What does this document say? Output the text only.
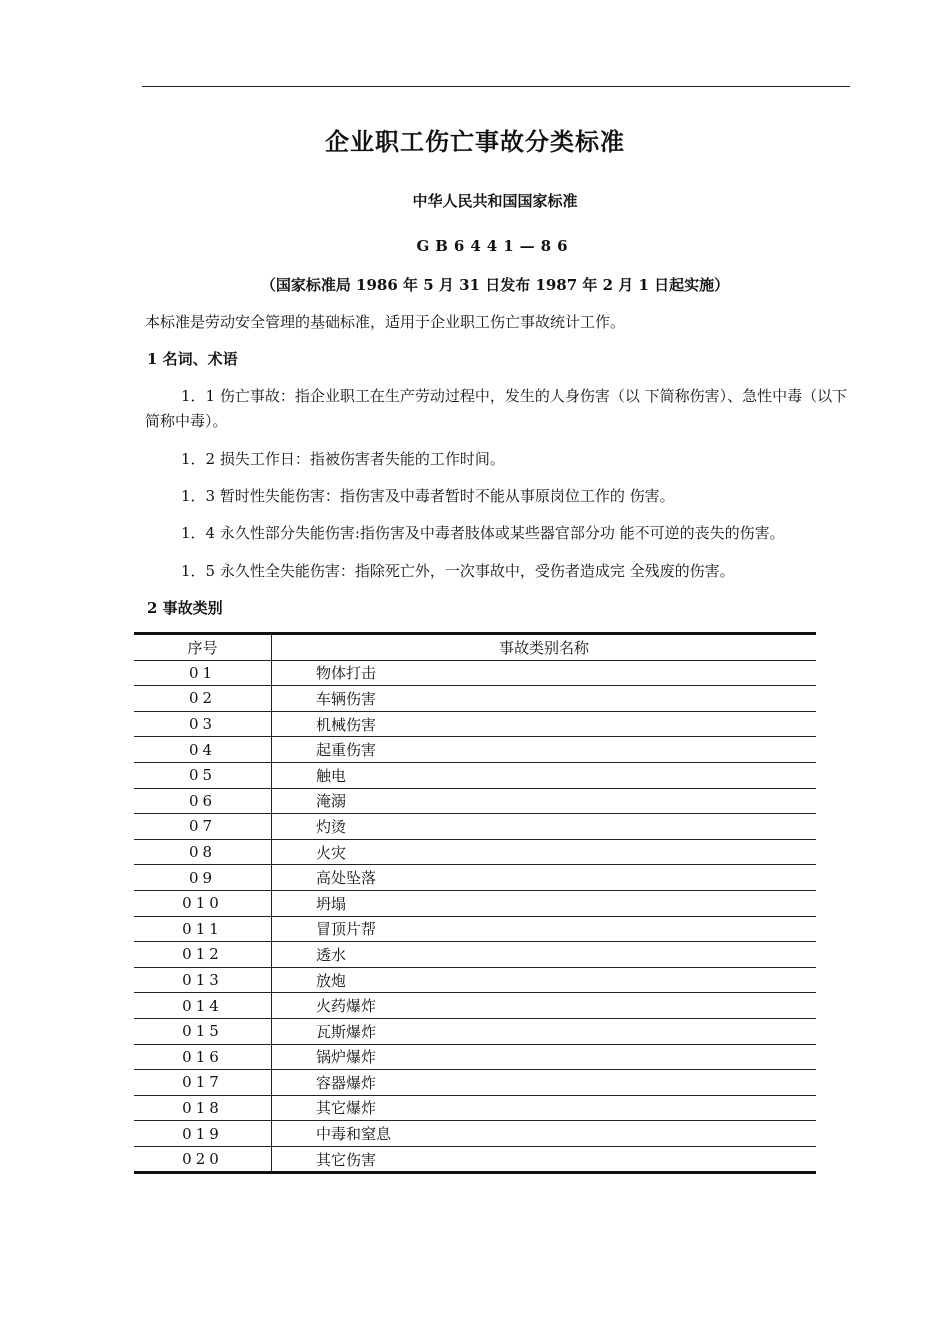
企业职工伤亡事故分类标准
中华人民共和国国家标准
GB6441—86
（国家标准局 1986 年 5 月 31 日发布 1987 年 2 月 1 日起实施）
本标准是劳动安全管理的基础标准，适用于企业职工伤亡事故统计工作。
1 名词、术语
1．1 伤亡事故：指企业职工在生产劳动过程中，发生的人身伤害（以 下简称伤害）、急性中毒（以下简称中毒）。
1．2 损失工作日：指被伤害者失能的工作时间。
1．3 暂时性失能伤害：指伤害及中毒者暂时不能从事原岗位工作的 伤害。
1．4 永久性部分失能伤害:指伤害及中毒者肢体或某些器官部分功 能不可逆的丧失的伤害。
1．5 永久性全失能伤害：指除死亡外，一次事故中，受伤者造成完 全残废的伤害。
2 事故类别
序号	事故类别名称
01	物体打击
02	车辆伤害
03	机械伤害
04	起重伤害
05	触电
06	淹溺
07	灼烫
08	火灾
09	高处坠落
010	坍塌
011	冒顶片帮
012	透水
013	放炮
014	火药爆炸
015	瓦斯爆炸
016	锅炉爆炸
017	容器爆炸
018	其它爆炸
019	中毒和窒息
020	其它伤害
